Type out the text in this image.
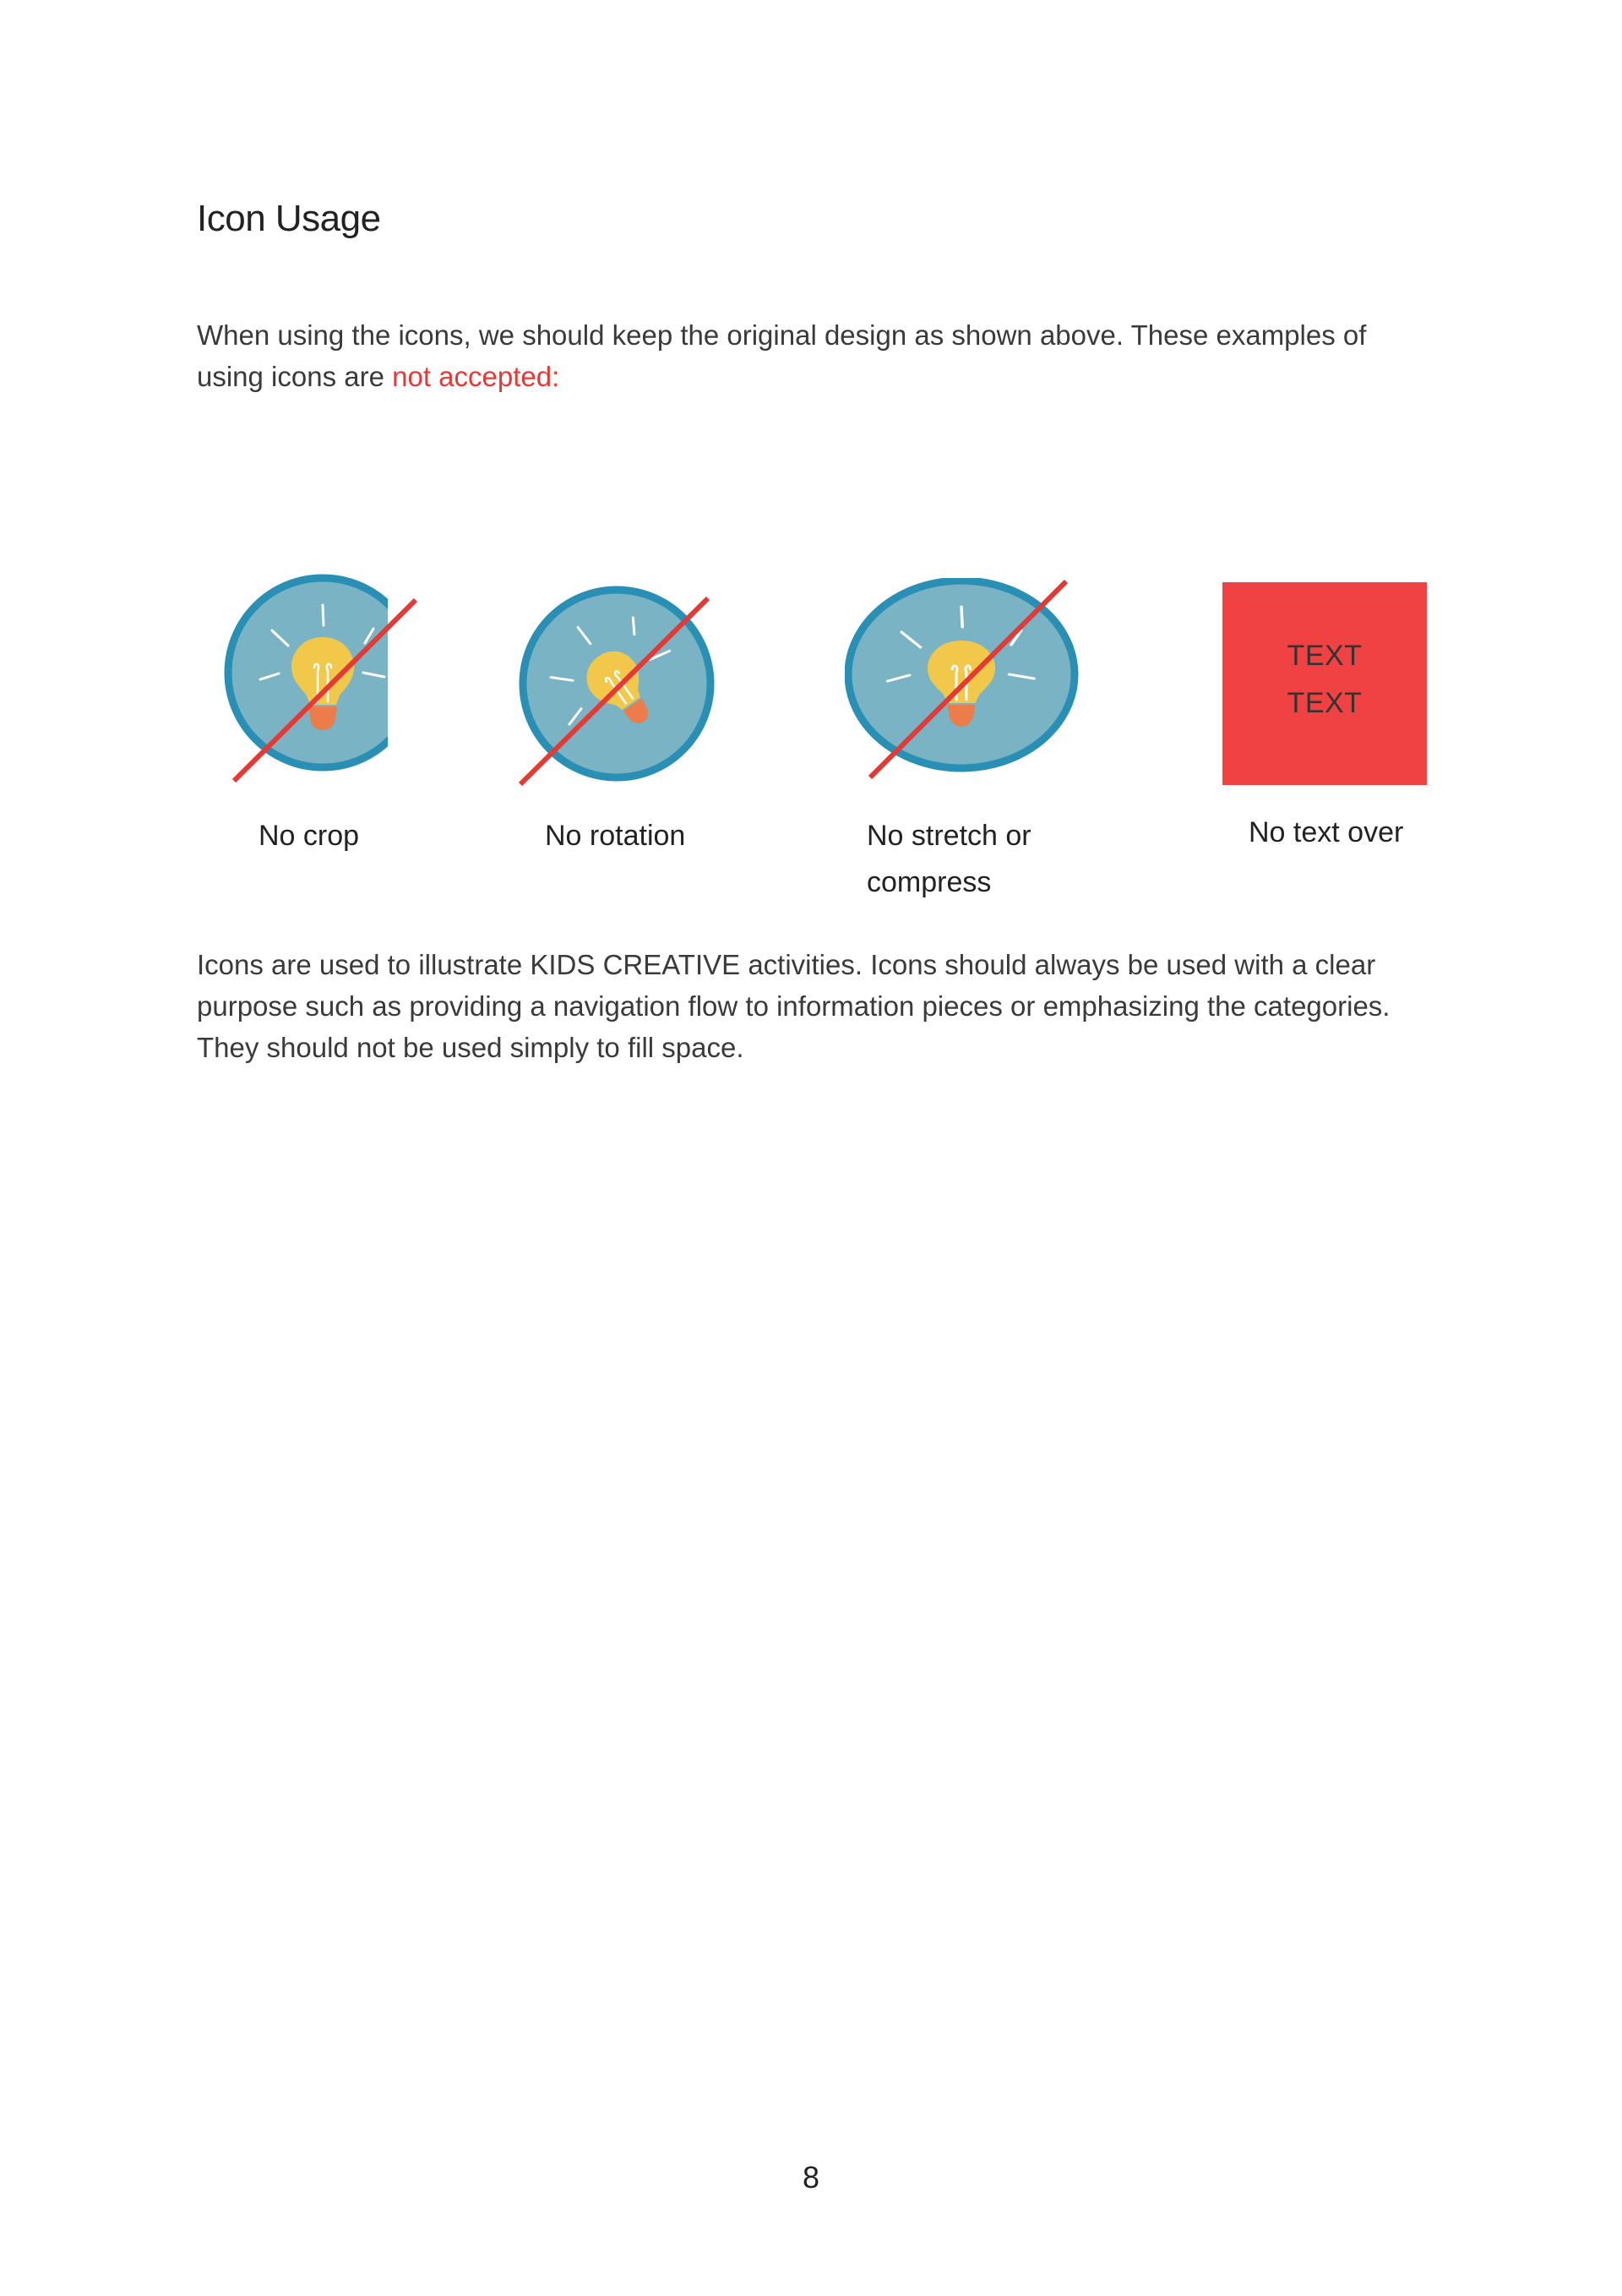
Icon Usage

When using the icons, we should keep the original design as shown above. These examples of using icons are not accepted:

No crop	No rotation	No stretch or
compress

TEXT
TEXT

No text over

Icons are used to illustrate KIDS CREATIVE activities. Icons should always be used with a clear purpose such as providing a navigation flow to information pieces or emphasizing the categories. They should not be used simply to fill space.

8
